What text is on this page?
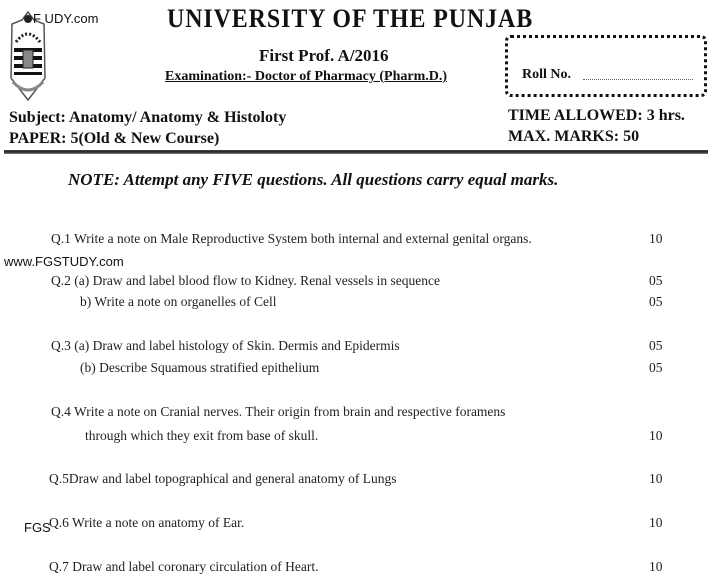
F UDY.com	UNIVERSITY OF THE PUNJAB
First Prof. A/2016
Examination:- Doctor of Pharmacy (Pharm.D.)	Roll No.
Subject: Anatomy/ Anatomy & Histoloty
PAPER: 5(Old & New Course)
TIME ALLOWED: 3 hrs.
MAX. MARKS: 50
NOTE: Attempt any FIVE questions. All questions carry equal marks.
Q.1 Write a note on Male Reproductive System both internal and external genital organs.	10
www.FGSTUDY.com
Q.2 (a) Draw and label blood flow to Kidney. Renal vessels in sequence	05
b) Write a note on organelles of Cell	05
Q.3 (a) Draw and label histology of Skin. Dermis and Epidermis	05
(b) Describe Squamous stratified epithelium	05
Q.4 Write a note on Cranial nerves. Their origin from brain and respective foramens
through which they exit from base of skull.	10
Q.5Draw and label topographical and general anatomy of Lungs	10
FGS
Q.6 Write a note on anatomy of Ear.	10
Q.7 Draw and label coronary circulation of Heart.	10
